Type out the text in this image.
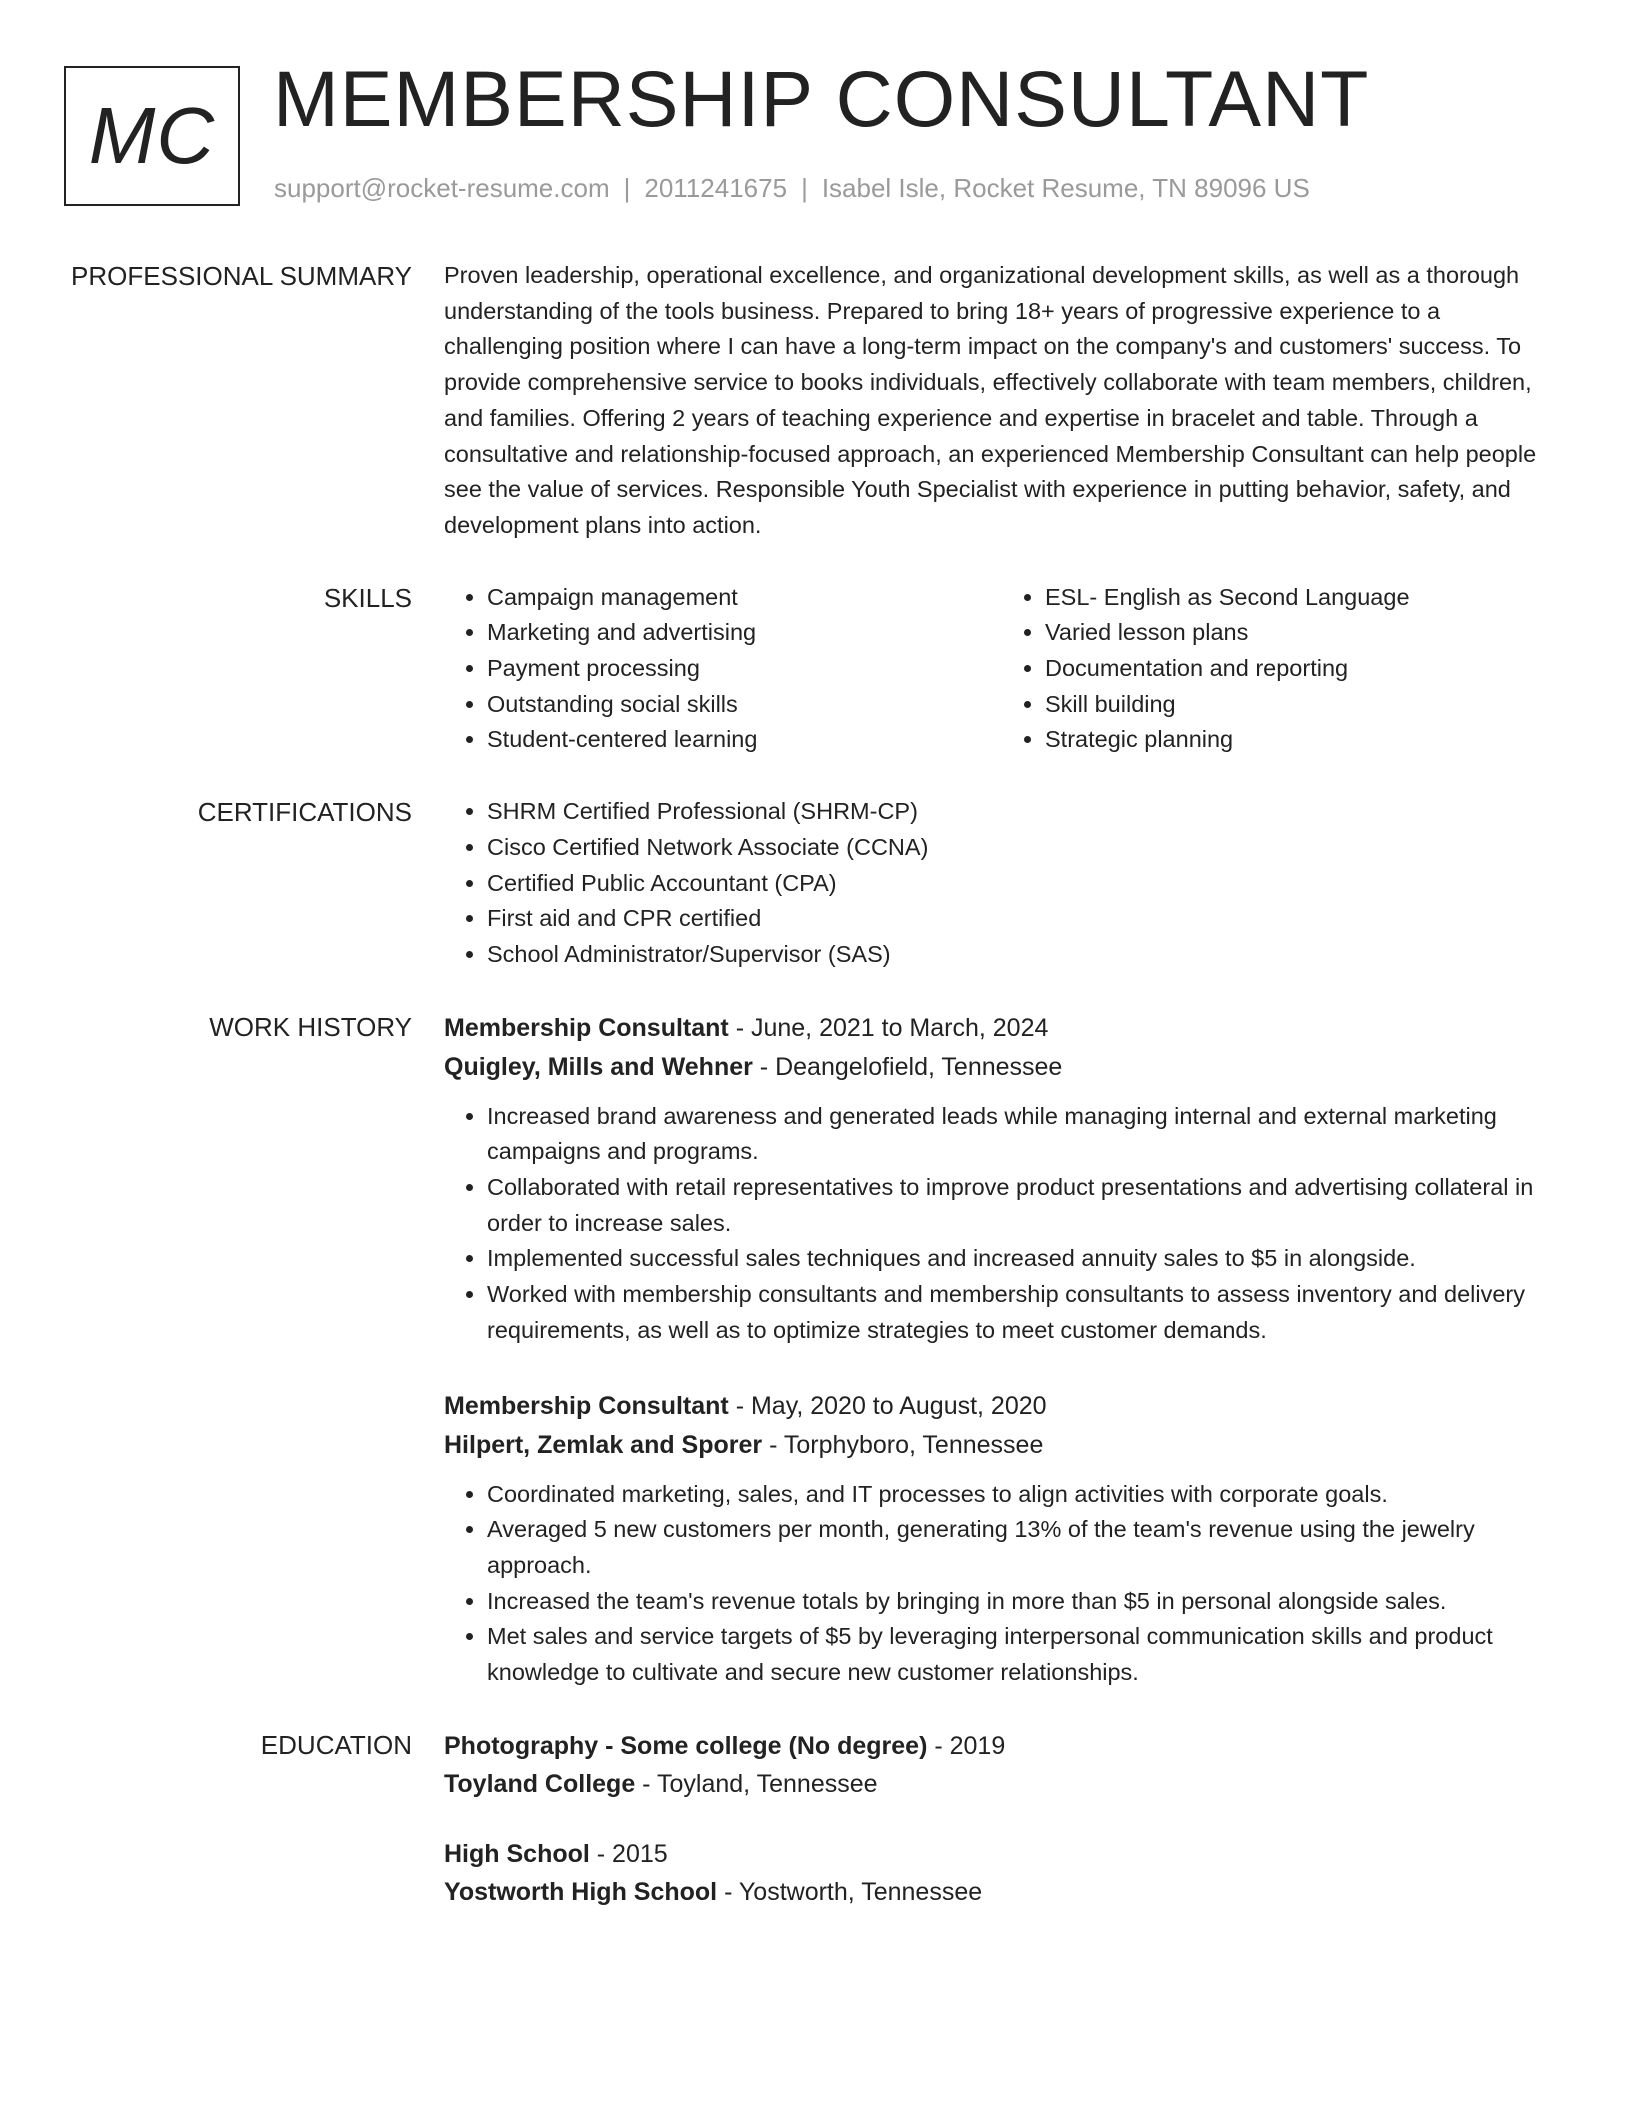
MC MEMBERSHIP CONSULTANT
support@rocket-resume.com | 2011241675 | Isabel Isle, Rocket Resume, TN 89096 US
PROFESSIONAL SUMMARY Proven leadership, operational excellence, and organizational development skills, as well as a thorough understanding of the tools business. Prepared to bring 18+ years of progressive experience to a challenging position where I can have a long-term impact on the company's and customers' success. To provide comprehensive service to books individuals, effectively collaborate with team members, children, and families. Offering 2 years of teaching experience and expertise in bracelet and table. Through a consultative and relationship-focused approach, an experienced Membership Consultant can help people see the value of services. Responsible Youth Specialist with experience in putting behavior, safety, and development plans into action.

SKILLS	• Campaign management
• Marketing and advertising
• Payment processing
• Outstanding social skills
• Student-centered learning
• ESL- English as Second Language
• Varied lesson plans
• Documentation and reporting
• Skill building
• Strategic planning
CERTIFICATIONS	• SHRM Certified Professional (SHRM-CP)
• Cisco Certified Network Associate (CCNA)
• Certified Public Accountant (CPA)
• First aid and CPR certified
• School Administrator/Supervisor (SAS)
WORK HISTORY Membership Consultant - June, 2021 to March, 2024
Quigley, Mills and Wehner - Deangelofield, Tennessee
• Increased brand awareness and generated leads while managing internal and external marketing campaigns and programs.
• Collaborated with retail representatives to improve product presentations and advertising collateral in order to increase sales.
• Implemented successful sales techniques and increased annuity sales to $5 in alongside.
• Worked with membership consultants and membership consultants to assess inventory and delivery requirements, as well as to optimize strategies to meet customer demands.
Membership Consultant - May, 2020 to August, 2020
Hilpert, Zemlak and Sporer - Torphyboro, Tennessee
• Coordinated marketing, sales, and IT processes to align activities with corporate goals.
• Averaged 5 new customers per month, generating 13% of the team's revenue using the jewelry approach.
• Increased the team's revenue totals by bringing in more than $5 in personal alongside sales.
• Met sales and service targets of $5 by leveraging interpersonal communication skills and product knowledge to cultivate and secure new customer relationships.
EDUCATION Photography - Some college (No degree) - 2019
Toyland College - Toyland, Tennessee
High School - 2015
Yostworth High School - Yostworth, Tennessee
